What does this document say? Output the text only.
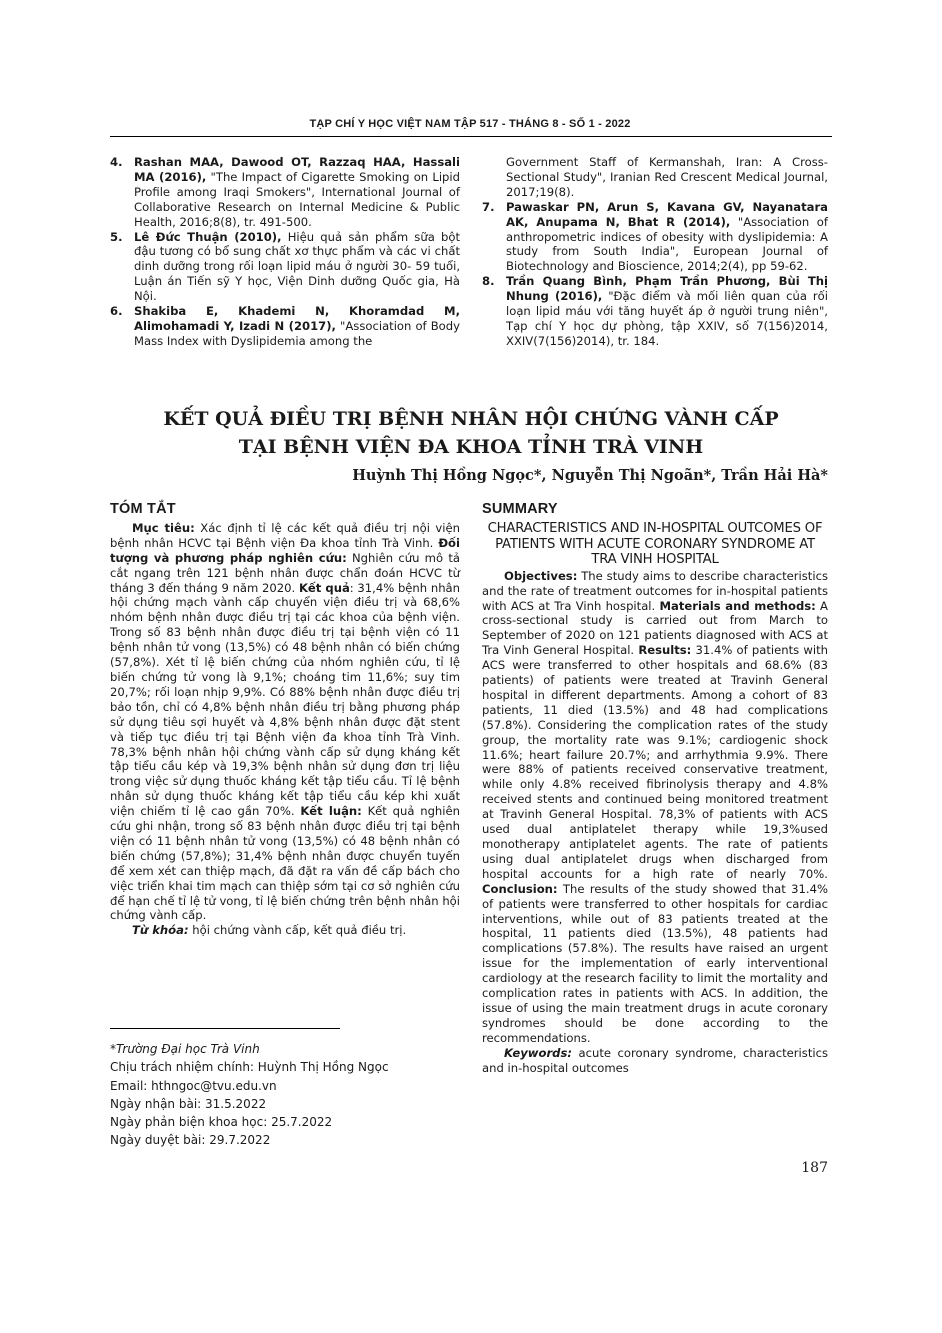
TẠP CHÍ Y HỌC VIỆT NAM TẬP 517 - THÁNG 8 - SỐ 1 - 2022
4. Rashan MAA, Dawood OT, Razzaq HAA, Hassali MA (2016), "The Impact of Cigarette Smoking on Lipid Profile among Iraqi Smokers", International Journal of Collaborative Research on Internal Medicine & Public Health, 2016;8(8), tr. 491-500.
5. Lê Đức Thuận (2010), Hiệu quả sản phẩm sữa bột đậu tương có bổ sung chất xơ thực phẩm và các vi chất dinh dưỡng trong rối loạn lipid máu ở người 30- 59 tuổi, Luận án Tiến sỹ Y học, Viện Dinh dưỡng Quốc gia, Hà Nội.
6. Shakiba E, Khademi N, Khoramdad M, Alimohamadi Y, Izadi N (2017), "Association of Body Mass Index with Dyslipidemia among the
Government Staff of Kermanshah, Iran: A Cross-Sectional Study", Iranian Red Crescent Medical Journal, 2017;19(8).
7. Pawaskar PN, Arun S, Kavana GV, Nayanatara AK, Anupama N, Bhat R (2014), "Association of anthropometric indices of obesity with dyslipidemia: A study from South India", European Journal of Biotechnology and Bioscience, 2014;2(4), pp 59-62.
8. Trần Quang Bình, Phạm Trần Phương, Bùi Thị Nhung (2016), "Đặc điểm và mối liên quan của rối loạn lipid máu với tăng huyết áp ở người trung niên", Tạp chí Y học dự phòng, tập XXIV, số 7(156)2014, XXIV(7(156)2014), tr. 184.
KẾT QUẢ ĐIỀU TRỊ BỆNH NHÂN HỘI CHỨNG VÀNH CẤP
TẠI BỆNH VIỆN ĐA KHOA TỈNH TRÀ VINH
Huỳnh Thị Hồng Ngọc*, Nguyễn Thị Ngoãn*, Trần Hải Hà*
TÓM TẮT

Mục tiêu: Xác định tỉ lệ các kết quả điều trị nội viện bệnh nhân HCVC tại Bệnh viện Đa khoa tỉnh Trà Vinh. Đối tượng và phương pháp nghiên cứu: Nghiên cứu mô tả cắt ngang trên 121 bệnh nhân được chẩn đoán HCVC từ tháng 3 đến tháng 9 năm 2020. Kết quả: 31,4% bệnh nhân hội chứng mạch vành cấp chuyển viện điều trị và 68,6% nhóm bệnh nhân được điều trị tại các khoa của bệnh viện. Trong số 83 bệnh nhân được điều trị tại bệnh viện có 11 bệnh nhân tử vong (13,5%) có 48 bệnh nhân có biến chứng (57,8%). Xét tỉ lệ biến chứng của nhóm nghiên cứu, tỉ lệ biến chứng tử vong là 9,1%; choáng tim 11,6%; suy tim 20,7%; rối loạn nhịp 9,9%. Có 88% bệnh nhân được điều trị bảo tồn, chỉ có 4,8% bệnh nhân điều trị bằng phương pháp sử dụng tiêu sợi huyết và 4,8% bệnh nhân được đặt stent và tiếp tục điều trị tại Bệnh viện đa khoa tỉnh Trà Vinh. 78,3% bệnh nhân hội chứng vành cấp sử dụng kháng kết tập tiểu cầu kép và 19,3% bệnh nhân sử dụng đơn trị liệu trong việc sử dụng thuốc kháng kết tập tiểu cầu. Tỉ lệ bệnh nhân sử dụng thuốc kháng kết tập tiểu cầu kép khi xuất viện chiếm tỉ lệ cao gần 70%. Kết luận: Kết quả nghiên cứu ghi nhận, trong số 83 bệnh nhân được điều trị tại bệnh viện có 11 bệnh nhân tử vong (13,5%) có 48 bệnh nhân có biến chứng (57,8%); 31,4% bệnh nhân được chuyển tuyến để xem xét can thiệp mạch, đã đặt ra vấn đề cấp bách cho việc triển khai tim mạch can thiệp sớm tại cơ sở nghiên cứu để hạn chế tỉ lệ tử vong, tỉ lệ biến chứng trên bệnh nhân hội chứng vành cấp.

Từ khóa: hội chứng vành cấp, kết quả điều trị.

SUMMARY
CHARACTERISTICS AND IN-HOSPITAL OUTCOMES OF PATIENTS WITH ACUTE CORONARY SYNDROME AT TRA VINH HOSPITAL

Objectives: The study aims to describe characteristics and the rate of treatment outcomes for in-hospital patients with ACS at Tra Vinh hospital. Materials and methods: A cross-sectional study is carried out from March to September of 2020 on 121 patients diagnosed with ACS at Tra Vinh General Hospital. Results: 31.4% of patients with ACS were transferred to other hospitals and 68.6% (83 patients) of patients were treated at Travinh General hospital in different departments. Among a cohort of 83 patients, 11 died (13.5%) and 48 had complications (57.8%). Considering the complication rates of the study group, the mortality rate was 9.1%; cardiogenic shock 11.6%; heart failure 20.7%; and arrhythmia 9.9%. There were 88% of patients received conservative treatment, while only 4.8% received fibrinolysis therapy and 4.8% received stents and continued being monitored treatment at Travinh General Hospital. 78,3% of patients with ACS used dual antiplatelet therapy while 19,3%used monotherapy antiplatelet agents. The rate of patients using dual antiplatelet drugs when discharged from hospital accounts for a high rate of nearly 70%. Conclusion: The results of the study showed that 31.4% of patients were transferred to other hospitals for cardiac interventions, while out of 83 patients treated at the hospital, 11 patients died (13.5%), 48 patients had complications (57.8%). The results have raised an urgent issue for the implementation of early interventional cardiology at the research facility to limit the mortality and complication rates in patients with ACS. In addition, the issue of using the main treatment drugs in acute coronary syndromes should be done according to the recommendations.

Keywords: acute coronary syndrome, characteristics and in-hospital outcomes

*Trường Đại học Trà Vinh
Chịu trách nhiệm chính: Huỳnh Thị Hồng Ngọc
Email: hthngoc@tvu.edu.vn
Ngày nhận bài: 31.5.2022
Ngày phản biện khoa học: 25.7.2022
Ngày duyệt bài: 29.7.2022
187
